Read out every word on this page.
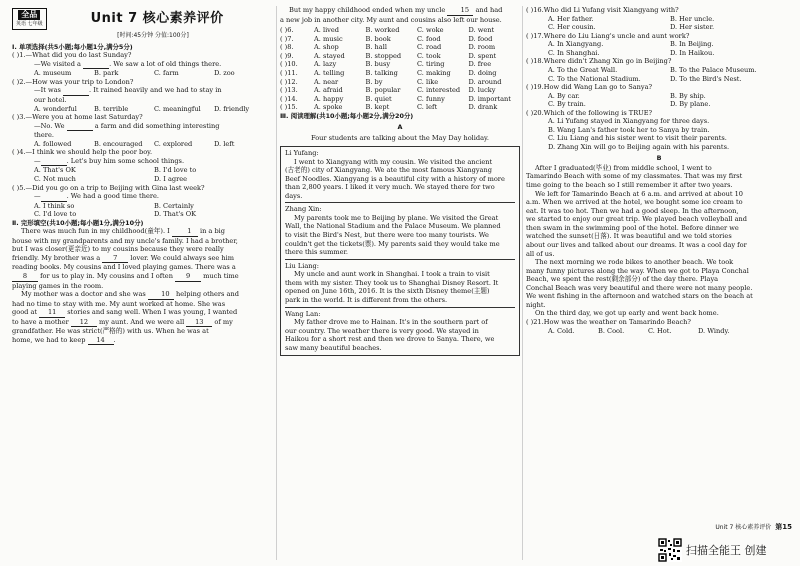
全品
英语 七年级	Unit 7 核心素养评价
[时间:45分钟 分值:100分]
Ⅰ. 单项选择(共5小题;每小题1分,满分5分)
( )1. —What did you do last Sunday?
—We visited a	. We saw a lot of old things there.
A. museum	B. park	C. farm	D. zoo
( )2. —How was your trip to London?
—It was	. It rained heavily and we had to stay in
our hotel.
A. wonderful	B. terrible	C. meaningful	D. friendly
( )3. —Were you at home last Saturday?
—No. We	a farm and did something interesting
there.
A. followed	B. encouraged	C. explored	D. left
( )4. —I think we should help the poor boy.
—	. Let's buy him some school things.
A. That's OK	B. I'd love to
C. Not much	D. I agree
( )5. —Did you go on a trip to Beijing with Gina last week?
—	. We had a good time there.
A. I think so	B. Certainly
C. I'd love to	D. That's OK
Ⅱ. 完形填空(共10小题;每小题1分,满分10分)
There was much fun in my childhood(童年). I	1 in a big
house with my grandparents and my uncle's family. I had a brother,
but I was closer(更亲近) to my cousins because they were really
friendly. My brother was a 7 lover. We could always see him
reading books. My cousins and I loved playing games. There was a
8 for us to play in. My cousins and I often 9 much time
playing games in the room.
My mother was a doctor and she was 10 helping others and
had no time to stay with me. My aunt worked at home. She was
good at 11 stories and sang well. When I was young, I wanted
to have a mother 12 my aunt. And we were all 13 of my
grandfather. He was strict(严格的) with us. When he was at
home, we had to keep 14 .
But my happy childhood ended when my uncle 15 and had
a new job in another city. My aunt and cousins also left our house.
( )6.	A. lived	B. worked	C. woke	D. went
( )7.	A. music	B. book	C. food	D. food
( )8.	A. shop	B. hall	C. road	D. room
( )9.	A. stayed	B. stopped	C. took	D. spent
( )10.	A. lazy	B. busy	C. tiring	D. free
( )11.	A. telling	B. talking	C. making	D. doing
( )12.	A. near	B. by	C. like	D. around
( )13.	A. afraid	B. popular	C. interested	D. lucky
( )14.	A. happy	B. quiet	C. funny	D. important
( )15.	A. spoke	B. kept	C. left	D. drank
Ⅲ. 阅读理解(共10小题;每小题2分,满分20分)
A
Four students are talking about the May Day holiday.
Li Yufang:
I went to Xiangyang with my cousin. We visited the ancient
(古老的) city of Xiangyang. We ate the most famous Xiangyang
Beef Noodles. Xiangyang is a beautiful city with a history of more
than 2,800 years. I liked it very much. We stayed there for two
days.
Zhang Xin:
My parents took me to Beijing by plane. We visited the Great
Wall, the National Stadium and the Palace Museum. We planned
to visit the Bird's Nest, but there were too many tourists. We
couldn't get the tickets(票). My parents said they would take me
there this summer.
Liu Liang:
My uncle and aunt work in Shanghai. I took a train to visit
them with my sister. They took us to Shanghai Disney Resort. It
opened on June 16th, 2016. It is the sixth Disney theme(主题)
park in the world. It is different from the others.
Wang Lan:
My father drove me to Hainan. It's in the southern part of
our country. The weather there is very good. We stayed in
Haikou for a short rest and then we drove to Sanya. There, we
saw many beautiful beaches.
( )16. Who did Li Yufang visit Xiangyang with?
A. Her father.	B. Her uncle.
C. Her cousin.	D. Her sister.
( )17. Where do Liu Liang's uncle and aunt work?
A. In Xiangyang.	B. In Beijing.
C. In Shanghai.	D. In Haikou.
( )18. Where didn't Zhang Xin go in Beijing?
A. To the Great Wall.	B. To the Palace Museum.
C. To the National Stadium.	D. To the Bird's Nest.
( )19. How did Wang Lan go to Sanya?
A. By car.	B. By ship.
C. By train.	D. By plane.
( )20. Which of the following is TRUE?
A. Li Yufang stayed in Xiangyang for three days.
B. Wang Lan's father took her to Sanya by train.
C. Liu Liang and his sister went to visit their parents.
D. Zhang Xin will go to Beijing again with his parents.
B
After I graduated(毕业) from middle school, I went to
Tamarindo Beach with some of my classmates. That was my first
time going to the beach so I still remember it after two years.
We left for Tamarindo Beach at 6 a.m. and arrived at about 10
a.m. When we arrived at the hotel, we bought some ice cream to
eat. It was too hot. Then we had a good sleep. In the afternoon,
we started to enjoy our great trip. We played beach volleyball and
then swam in the swimming pool of the hotel. Before dinner we
watched the sunset(日落). It was beautiful and we told stories
about our lives and talked about our dreams. It was a cool day for
all of us.
The next morning we rode bikes to another beach. We took
many funny pictures along the way. When we got to Playa Conchal
Beach, we spent the rest(剩余部分) of the day there. Playa
Conchal Beach was very beautiful and there were not many people.
We went fishing in the afternoon and watched stars on the beach at
night.
On the third day, we got up early and went back home.
( )21. How was the weather on Tamarindo Beach?
A. Cold.	B. Cool.	C. Hot.	D. Windy.
Unit 7 核心素养评价 第15
扫描全能王 创建
